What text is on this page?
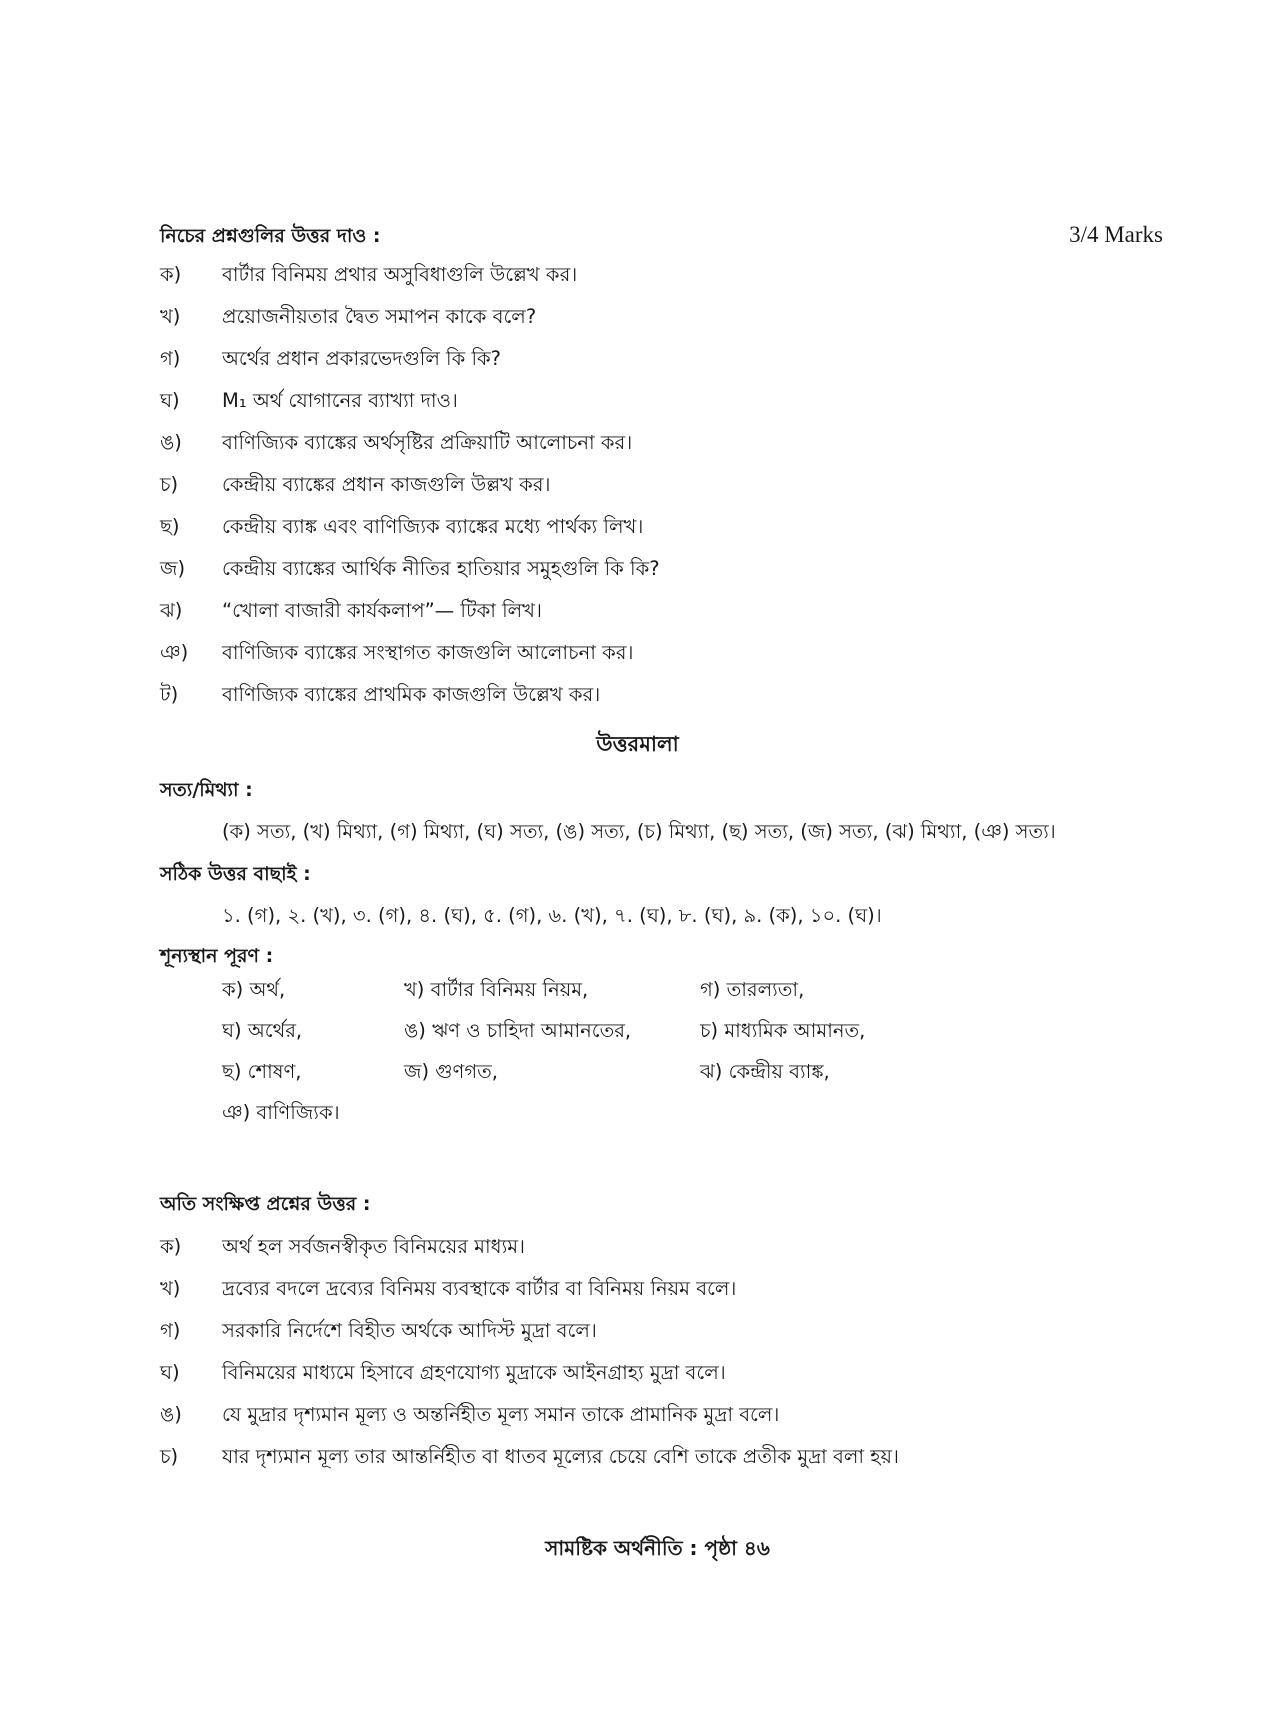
নিচের প্রশ্নগুলির উত্তর দাও :	3/4 Marks
ক)	বার্টার বিনিময় প্রথার অসুবিধাগুলি উল্লেখ কর।
খ)	প্রয়োজনীয়তার দ্বৈত সমাপন কাকে বলে?
গ)	অর্থের প্রধান প্রকারভেদগুলি কি কি?
ঘ)	M₁ অর্থ যোগানের ব্যাখ্যা দাও।
ঙ)	বাণিজ্যিক ব্যাঙ্কের অর্থসৃষ্টির প্রক্রিয়াটি আলোচনা কর।
চ)	কেন্দ্রীয় ব্যাঙ্কের প্রধান কাজগুলি উল্লখ কর।
ছ)	কেন্দ্রীয় ব্যাঙ্ক এবং বাণিজ্যিক ব্যাঙ্কের মধ্যে পার্থক্য লিখ।
জ)	কেন্দ্রীয় ব্যাঙ্কের আর্থিক নীতির হাতিয়ার সমুহগুলি কি কি?
ঝ)	“খোলা বাজারী কার্যকলাপ”— টিকা লিখ।
ঞ)	বাণিজ্যিক ব্যাঙ্কের সংস্থাগত কাজগুলি আলোচনা কর।
ট)	বাণিজ্যিক ব্যাঙ্কের প্রাথমিক কাজগুলি উল্লেখ কর।
উত্তরমালা
সত্য/মিথ্যা :
(ক) সত্য, (খ) মিথ্যা, (গ) মিথ্যা, (ঘ) সত্য, (ঙ) সত্য, (চ) মিথ্যা, (ছ) সত্য, (জ) সত্য, (ঝ) মিথ্যা, (ঞ) সত্য।
সঠিক উত্তর বাছাই :
১. (গ), ২. (খ), ৩. (গ), ৪. (ঘ), ৫. (গ), ৬. (খ), ৭. (ঘ), ৮. (ঘ), ৯. (ক), ১০. (ঘ)।
শূন্যস্থান পূরণ :
ক) অর্থ,	খ) বার্টার বিনিময় নিয়ম,	গ) তারল্যতা,
ঘ) অর্থের,	ঙ) ঋণ ও চাহিদা আমানতের,	চ) মাধ্যমিক আমানত,
ছ) শোষণ,	জ) গুণগত,	ঝ) কেন্দ্রীয় ব্যাঙ্ক,
ঞ) বাণিজ্যিক।
অতি সংক্ষিপ্ত প্রশ্নের উত্তর :
ক)	অর্থ হল সর্বজনস্বীকৃত বিনিময়ের মাধ্যম।
খ)	দ্রব্যের বদলে দ্রব্যের বিনিময় ব্যবস্থাকে বার্টার বা বিনিময় নিয়ম বলে।
গ)	সরকারি নির্দেশে বিহীত অর্থকে আদিস্ট মুদ্রা বলে।
ঘ)	বিনিময়ের মাধ্যমে হিসাবে গ্রহণযোগ্য মুদ্রাকে আইনগ্রাহ্য মুদ্রা বলে।
ঙ)	যে মুদ্রার দৃশ্যমান মূল্য ও অন্তর্নিহীত মূল্য সমান তাকে প্রামানিক মুদ্রা বলে।
চ)	যার দৃশ্যমান মূল্য তার আন্তর্নিহীত বা ধাতব মূল্যের চেয়ে বেশি তাকে প্রতীক মুদ্রা বলা হয়।
সামষ্টিক অর্থনীতি : পৃষ্ঠা ৪৬
